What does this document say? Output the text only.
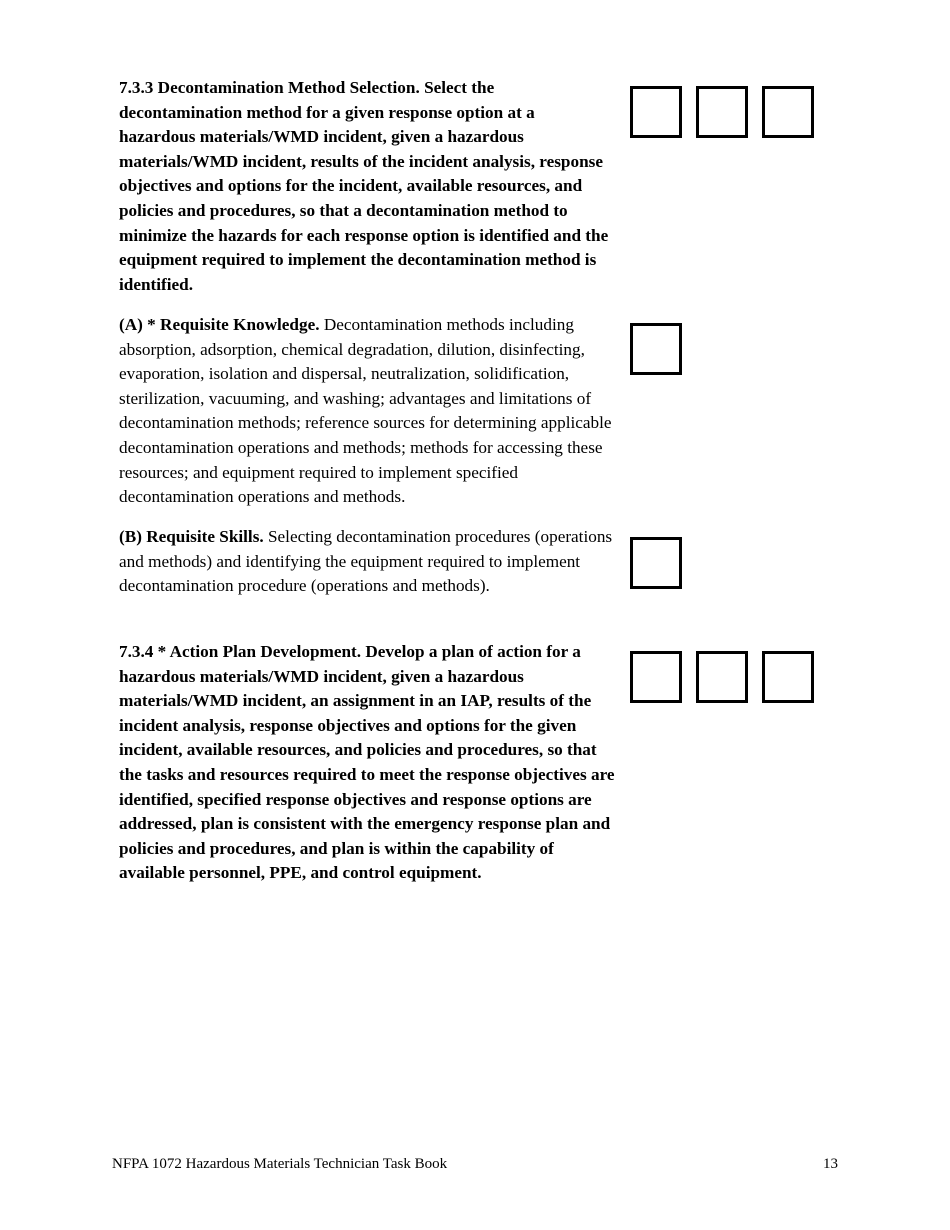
7.3.3 Decontamination Method Selection. Select the decontamination method for a given response option at a hazardous materials/WMD incident, given a hazardous materials/WMD incident, results of the incident analysis, response objectives and options for the incident, available resources, and policies and procedures, so that a decontamination method to minimize the hazards for each response option is identified and the equipment required to implement the decontamination method is identified.
(A) * Requisite Knowledge. Decontamination methods including absorption, adsorption, chemical degradation, dilution, disinfecting, evaporation, isolation and dispersal, neutralization, solidification, sterilization, vacuuming, and washing; advantages and limitations of decontamination methods; reference sources for determining applicable decontamination operations and methods; methods for accessing these resources; and equipment required to implement specified decontamination operations and methods.
(B) Requisite Skills. Selecting decontamination procedures (operations and methods) and identifying the equipment required to implement decontamination procedure (operations and methods).
7.3.4 * Action Plan Development. Develop a plan of action for a hazardous materials/WMD incident, given a hazardous materials/WMD incident, an assignment in an IAP, results of the incident analysis, response objectives and options for the given incident, available resources, and policies and procedures, so that the tasks and resources required to meet the response objectives are identified, specified response objectives and response options are addressed, plan is consistent with the emergency response plan and policies and procedures, and plan is within the capability of available personnel, PPE, and control equipment.
NFPA 1072 Hazardous Materials Technician Task Book	13
